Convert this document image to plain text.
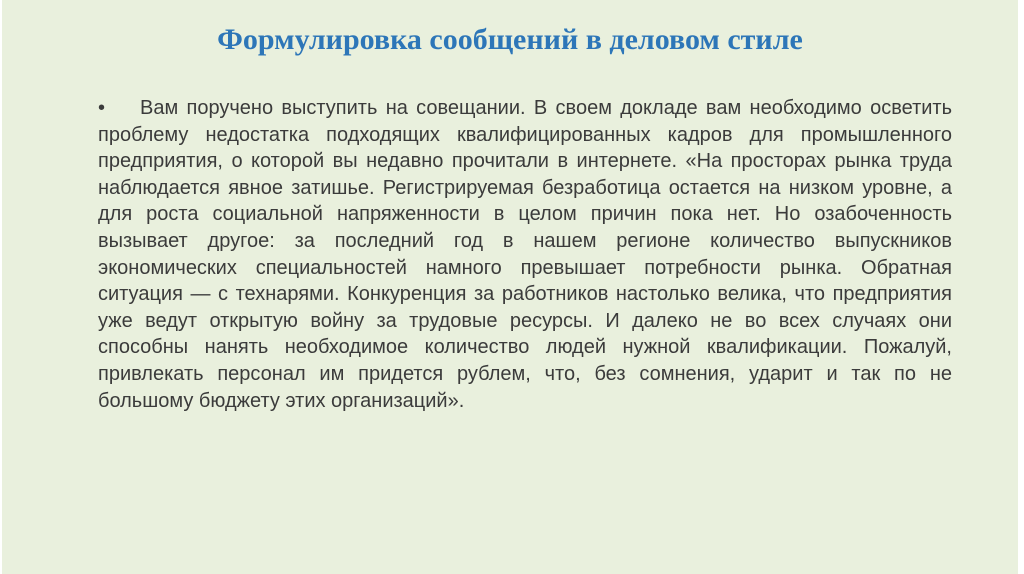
Формулировка сообщений в деловом стиле

• Вам поручено выступить на совещании. В своем докладе вам необходимо осветить проблему недостатка подходящих квалифицированных кадров для промышленного предприятия, о которой вы недавно прочитали в интернете. «На просторах рынка труда наблюдается явное затишье. Регистрируемая безработица остается на низком уровне, а для роста социальной напряженности в целом причин пока нет. Но озабоченность вызывает другое: за последний год в нашем регионе количество выпускников экономических специальностей намного превышает потребности рынка. Обратная ситуация — с технарями. Конкуренция за работников настолько велика, что предприятия уже ведут открытую войну за трудовые ресурсы. И далеко не во всех случаях они способны нанять необходимое количество людей нужной квалификации. Пожалуй, привлекать персонал им придется рублем, что, без сомнения, ударит и так по не большому бюджету этих организаций».
